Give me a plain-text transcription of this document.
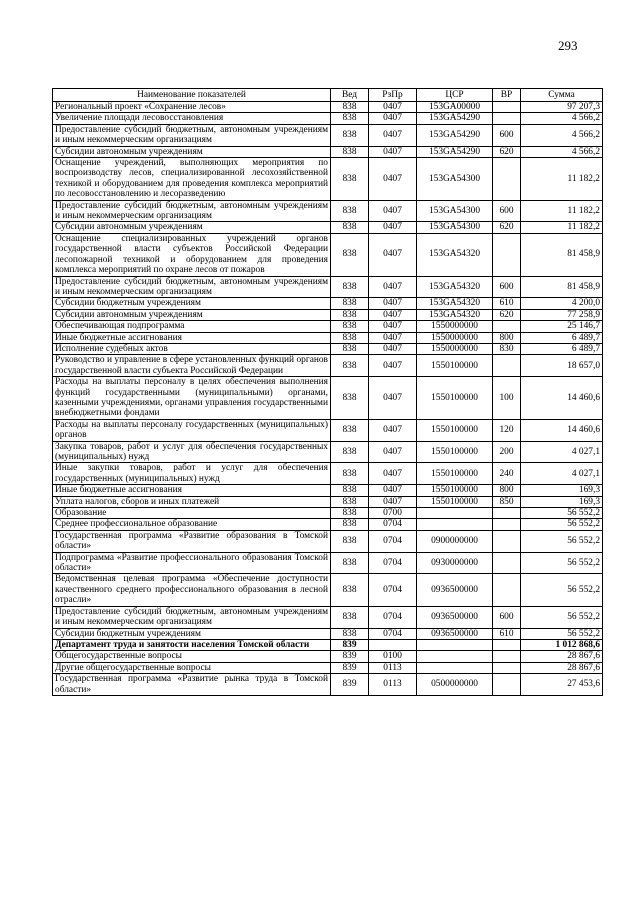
293
Наименование показателей	Вед	РзПр	ЦСР	ВР	Сумма
Региональный проект «Сохранение лесов»	838	0407	153GA00000		97 207,3
Увеличение площади лесовосстановления	838	0407	153GA54290		4 566,2
Предоставление субсидий бюджетным, автономным учреждениям и иным некоммерческим организациям	838	0407	153GA54290	600	4 566,2
Субсидии автономным учреждениям	838	0407	153GA54290	620	4 566,2
Оснащение учреждений, выполняющих мероприятия по воспроизводству лесов, специализированной лесохозяйственной техникой и оборудованием для проведения комплекса мероприятий по лесовосстановлению и лесоразведению	838	0407	153GA54300		11 182,2
Предоставление субсидий бюджетным, автономным учреждениям и иным некоммерческим организациям	838	0407	153GA54300	600	11 182,2
Субсидии автономным учреждениям	838	0407	153GA54300	620	11 182,2
Оснащение специализированных учреждений органов государственной власти субъектов Российской Федерации лесопожарной техникой и оборудованием для проведения комплекса мероприятий по охране лесов от пожаров	838	0407	153GA54320		81 458,9
Предоставление субсидий бюджетным, автономным учреждениям и иным некоммерческим организациям	838	0407	153GA54320	600	81 458,9
Субсидии бюджетным учреждениям	838	0407	153GA54320	610	4 200,0
Субсидии автономным учреждениям	838	0407	153GA54320	620	77 258,9
Обеспечивающая подпрограмма	838	0407	1550000000		25 146,7
Иные бюджетные ассигнования	838	0407	1550000000	800	6 489,7
Исполнение судебных актов	838	0407	1550000000	830	6 489,7
Руководство и управление в сфере установленных функций органов государственной власти субъекта Российской Федерации	838	0407	1550100000		18 657,0
Расходы на выплаты персоналу в целях обеспечения выполнения функций государственными (муниципальными) органами, казенными учреждениями, органами управления государственными внебюджетными фондами	838	0407	1550100000	100	14 460,6
Расходы на выплаты персоналу государственных (муниципальных) органов	838	0407	1550100000	120	14 460,6
Закупка товаров, работ и услуг для обеспечения государственных (муниципальных) нужд	838	0407	1550100000	200	4 027,1
Иные закупки товаров, работ и услуг для обеспечения государственных (муниципальных) нужд	838	0407	1550100000	240	4 027,1
Иные бюджетные ассигнования	838	0407	1550100000	800	169,3
Уплата налогов, сборов и иных платежей	838	0407	1550100000	850	169,3
Образование	838	0700			56 552,2
Среднее профессиональное образование	838	0704			56 552,2
Государственная программа «Развитие образования в Томской области»	838	0704	0900000000		56 552,2
Подпрограмма «Развитие профессионального образования Томской области»	838	0704	0930000000		56 552,2
Ведомственная целевая программа «Обеспечение доступности качественного среднего профессионального образования в лесной отрасли»	838	0704	0936500000		56 552,2
Предоставление субсидий бюджетным, автономным учреждениям и иным некоммерческим организациям	838	0704	0936500000	600	56 552,2
Субсидии бюджетным учреждениям	838	0704	0936500000	610	56 552,2
Департамент труда и занятости населения Томской области	839				1 012 868,6
Общегосударственные вопросы	839	0100			28 867,6
Другие общегосударственные вопросы	839	0113			28 867,6
Государственная программа «Развитие рынка труда в Томской области»	839	0113	0500000000		27 453,6
